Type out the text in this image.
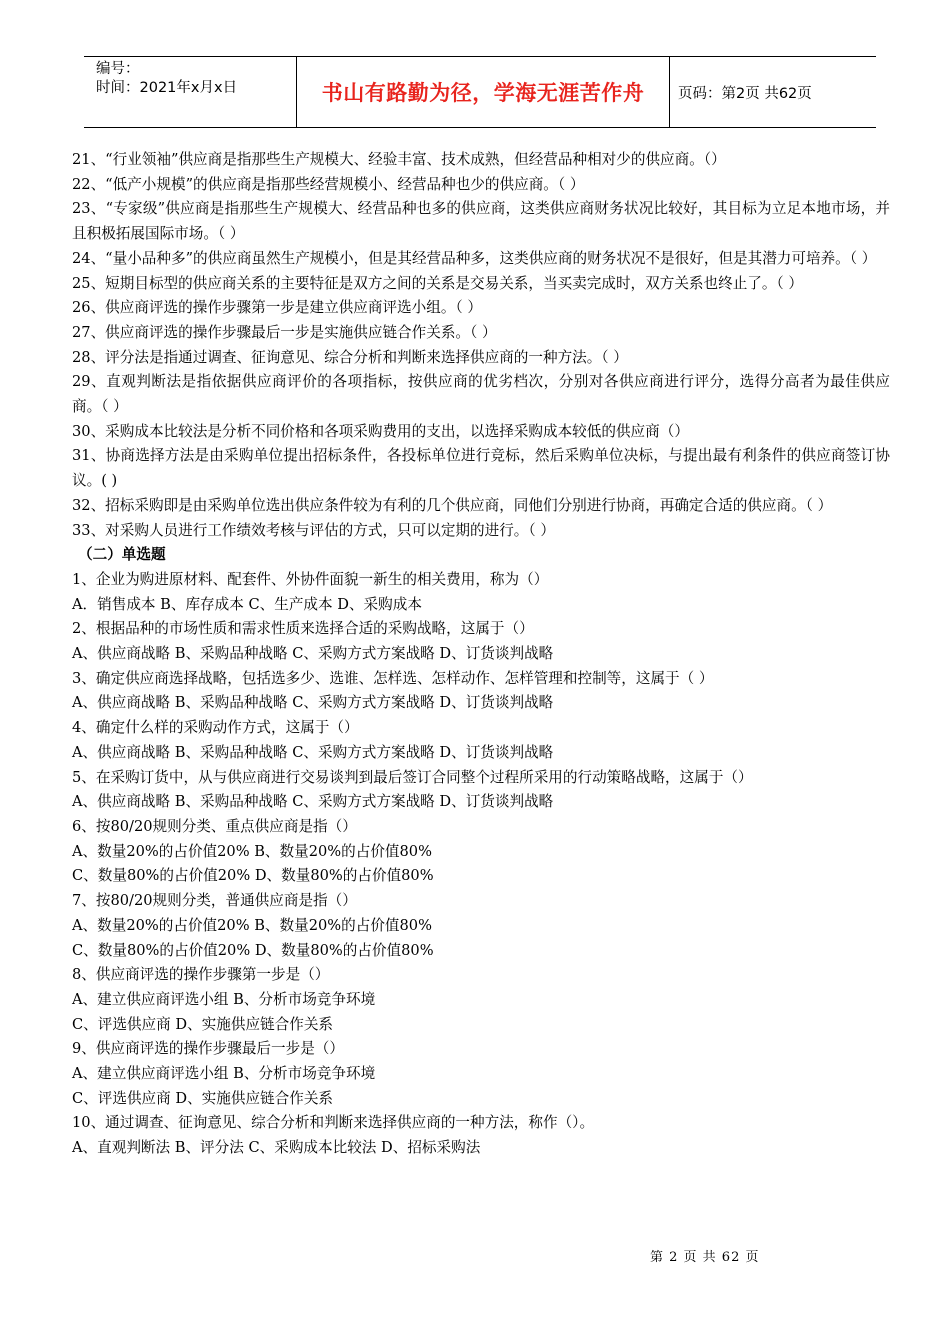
编号：
时间：2021年x月x日	书山有路勤为径，学海无涯苦作舟 页码：第2页 共62页

21、“行业领袖”供应商是指那些生产规模大、经验丰富、技术成熟，但经营品种相对少的供应商。（）

22、“低产小规模”的供应商是指那些经营规模小、经营品种也少的供应商。（ ）

23、“专家级”供应商是指那些生产规模大、经营品种也多的供应商，这类供应商财务状况比较好，其目标为立足本地市场，并且积极拓展国际市场。（ ）

24、“量小品种多”的供应商虽然生产规模小，但是其经营品种多，这类供应商的财务状况不是很好，但是其潜力可培养。（ ）

25、短期目标型的供应商关系的主要特征是双方之间的关系是交易关系，当买卖完成时，双方关系也终止了。（ ）

26、供应商评选的操作步骤第一步是建立供应商评选小组。（ ）

27、供应商评选的操作步骤最后一步是实施供应链合作关系。（ ）

28、评分法是指通过调查、征询意见、综合分析和判断来选择供应商的一种方法。（ ）

29、直观判断法是指依据供应商评价的各项指标，按供应商的优劣档次，分别对各供应商进行评分，选得分高者为最佳供应商。（ ）

30、采购成本比较法是分析不同价格和各项采购费用的支出，以选择采购成本较低的供应商（）

31、协商选择方法是由采购单位提出招标条件，各投标单位进行竞标，然后采购单位决标，与提出最有利条件的供应商签订协议。( )

32、招标采购即是由采购单位选出供应条件较为有利的几个供应商，同他们分别进行协商，再确定合适的供应商。（ ）

33、对采购人员进行工作绩效考核与评估的方式，只可以定期的进行。（ ）

（二）单选题

1、企业为购进原材料、配套件、外协件面貌一新生的相关费用，称为（）

A．销售成本 B、库存成本 C、生产成本 D、采购成本

2、根据品种的市场性质和需求性质来选择合适的采购战略，这属于（）

A、供应商战略 B、采购品种战略 C、采购方式方案战略 D、订货谈判战略

3、确定供应商选择战略，包括选多少、选谁、怎样选、怎样动作、怎样管理和控制等，这属于（ ）

A、供应商战略 B、采购品种战略 C、采购方式方案战略 D、订货谈判战略

4、确定什么样的采购动作方式，这属于（）

A、供应商战略 B、采购品种战略 C、采购方式方案战略 D、订货谈判战略

5、在采购订货中，从与供应商进行交易谈判到最后签订合同整个过程所采用的行动策略战略，这属于（）

A、供应商战略 B、采购品种战略 C、采购方式方案战略 D、订货谈判战略

6、按80/20规则分类、重点供应商是指（）

A、数量20%的占价值20% B、数量20%的占价值80%

C、数量80%的占价值20% D、数量80%的占价值80%

7、按80/20规则分类，普通供应商是指（）

A、数量20%的占价值20% B、数量20%的占价值80%

C、数量80%的占价值20% D、数量80%的占价值80%

8、供应商评选的操作步骤第一步是（）

A、建立供应商评选小组 B、分析市场竞争环境

C、评选供应商 D、实施供应链合作关系

9、供应商评选的操作步骤最后一步是（）

A、建立供应商评选小组 B、分析市场竞争环境

C、评选供应商 D、实施供应链合作关系

10、通过调查、征询意见、综合分析和判断来选择供应商的一种方法，称作（）。

A、直观判断法 B、评分法 C、采购成本比较法 D、招标采购法

第 2 页 共 62 页
